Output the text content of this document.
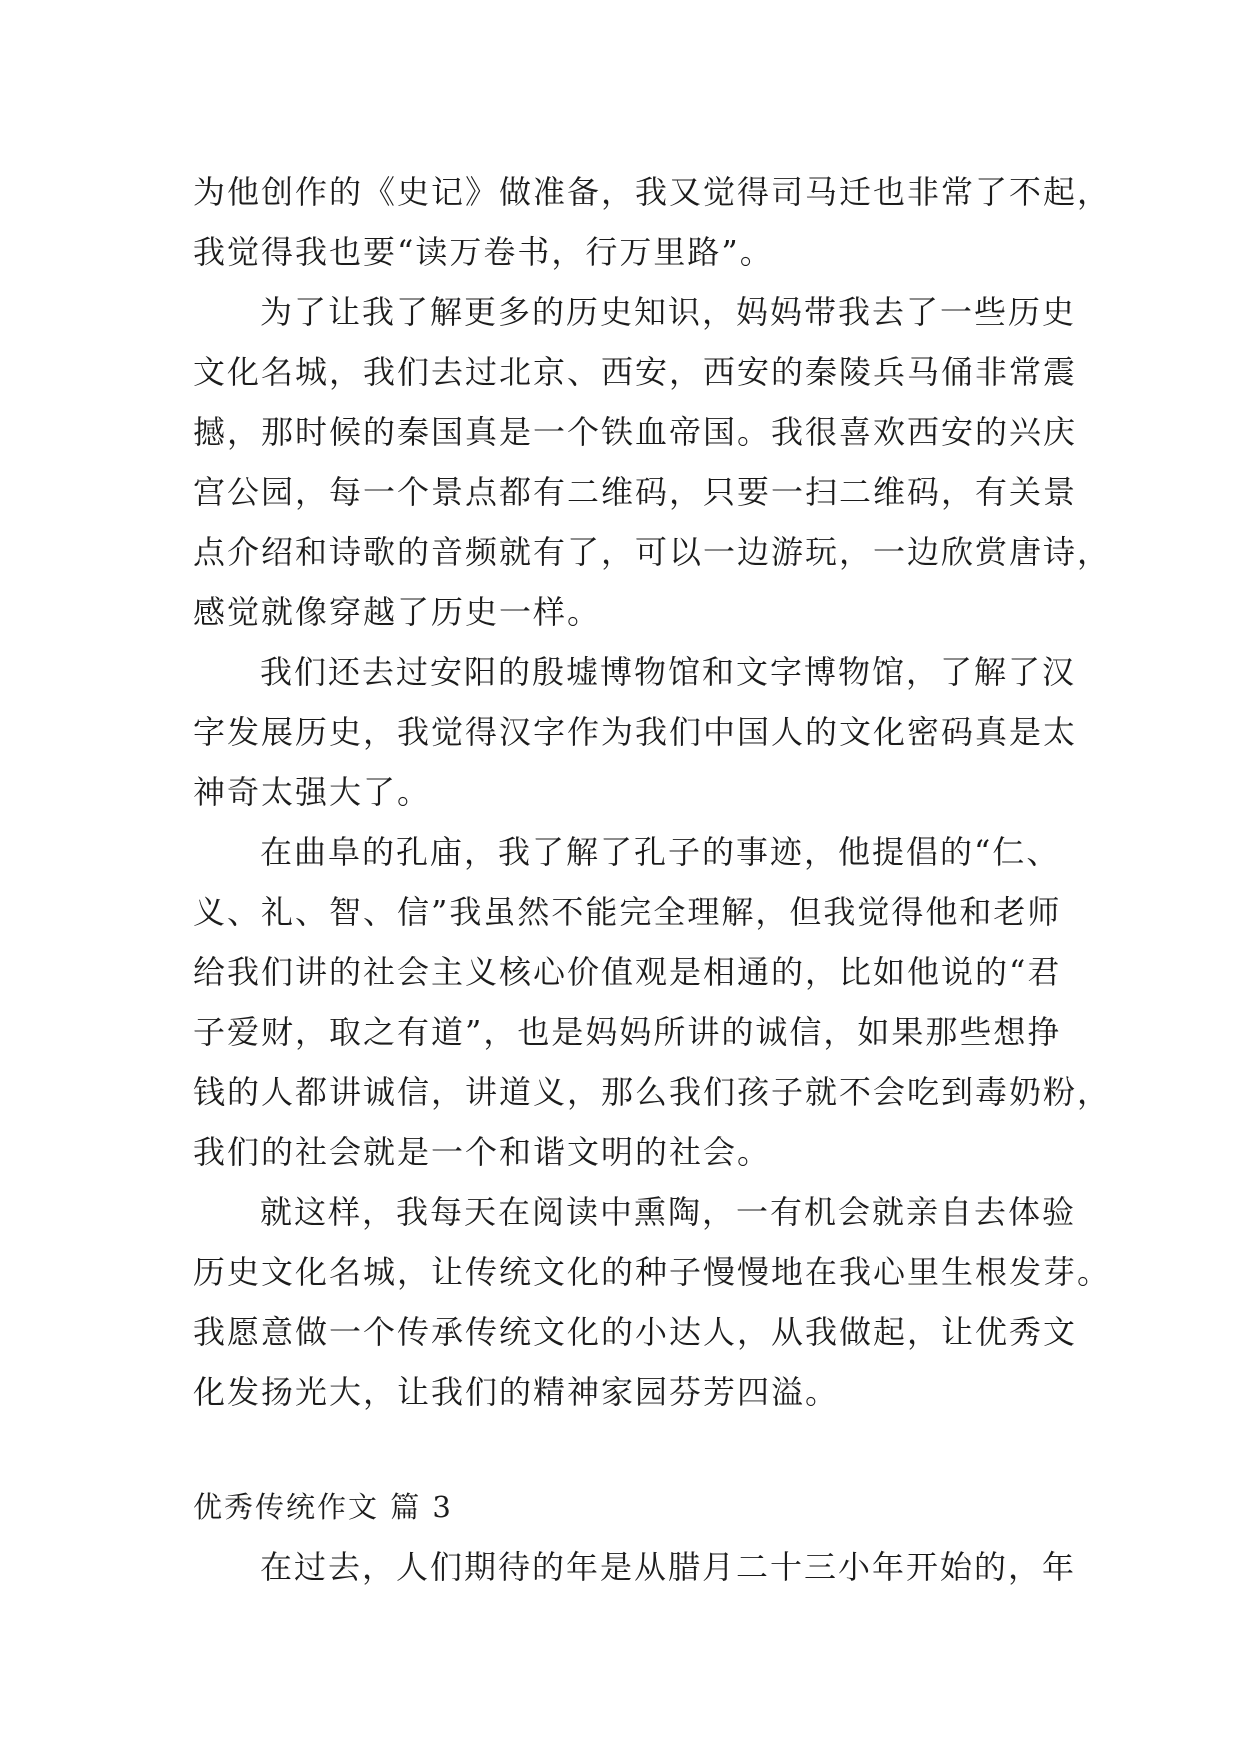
为他创作的《史记》做准备，我又觉得司马迁也非常了不起，
我觉得我也要“读万卷书，行万里路”。
为了让我了解更多的历史知识，妈妈带我去了一些历史
文化名城，我们去过北京、西安，西安的秦陵兵马俑非常震
撼，那时候的秦国真是一个铁血帝国。我很喜欢西安的兴庆
宫公园，每一个景点都有二维码，只要一扫二维码，有关景
点介绍和诗歌的音频就有了，可以一边游玩，一边欣赏唐诗，
感觉就像穿越了历史一样。
我们还去过安阳的殷墟博物馆和文字博物馆，了解了汉
字发展历史，我觉得汉字作为我们中国人的文化密码真是太
神奇太强大了。
在曲阜的孔庙，我了解了孔子的事迹，他提倡的“仁、
义、礼、智、信”我虽然不能完全理解，但我觉得他和老师
给我们讲的社会主义核心价值观是相通的，比如他说的“君
子爱财，取之有道”，也是妈妈所讲的诚信，如果那些想挣
钱的人都讲诚信，讲道义，那么我们孩子就不会吃到毒奶粉，
我们的社会就是一个和谐文明的社会。
就这样，我每天在阅读中熏陶，一有机会就亲自去体验
历史文化名城，让传统文化的种子慢慢地在我心里生根发芽。
我愿意做一个传承传统文化的小达人，从我做起，让优秀文
化发扬光大，让我们的精神家园芬芳四溢。
优秀传统作文 篇 3
在过去，人们期待的年是从腊月二十三小年开始的，年
